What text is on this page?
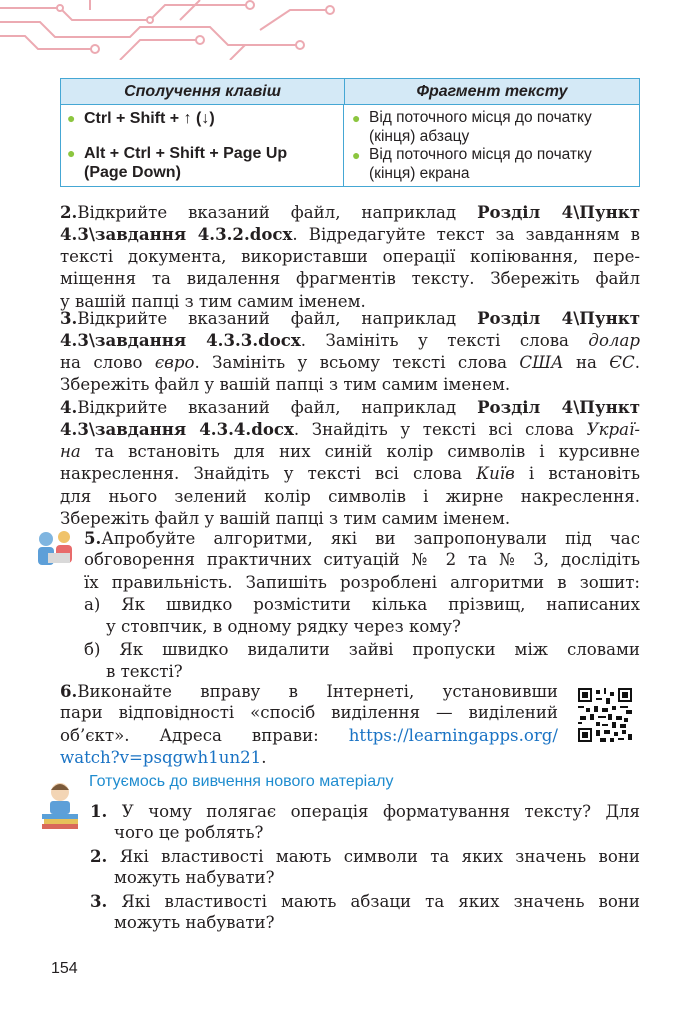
Сполучення клавіш	Фрагмент тексту
● Ctrl + Shift + ↑ (↓)
● Alt + Ctrl + Shift + Page Up
(Page Down)
● Від поточного місця до початку
(кінця) абзацу
● Від поточного місця до початку
(кінця) екрана
2.Відкрийте вказаний файл, наприклад Розділ 4\Пункт
4.3\завдання 4.3.2.docx. Відредагуйте текст за завданням в
тексті документа, використавши операції копіювання, пере-
міщення та видалення фрагментів тексту. Збережіть файл
у вашій папці з тим самим іменем.
3.Відкрийте вказаний файл, наприклад Розділ 4\Пункт
4.3\завдання 4.3.3.docx. Замініть у тексті слова долар
на слово євро. Замініть у всьому тексті слова США на ЄС.
Збережіть файл у вашій папці з тим самим іменем.
4.Відкрийте вказаний файл, наприклад Розділ 4\Пункт
4.3\завдання 4.3.4.docx. Знайдіть у тексті всі слова Украї-
на та встановіть для них синій колір символів і курсивне
накреслення. Знайдіть у тексті всі слова Київ і встановіть
для нього зелений колір символів і жирне накреслення.
Збережіть файл у вашій папці з тим самим іменем.
5.Апробуйте алгоритми, які ви запропонували під час
обговорення практичних ситуацій № 2 та № 3, дослідіть
їх правильність. Запишіть розроблені алгоритми в зошит:
а) Як швидко розмістити кілька прізвищ, написаних
у стовпчик, в одному рядку через кому?
б) Як швидко видалити зайві пропуски між словами
в тексті?
6.Виконайте вправу в Інтернеті, установивши
пари відповідності «спосіб виділення — виділений
об’єкт». Адреса вправи: https://learningapps.org/
watch?v=psqgwh1un21.
Готуємось до вивчення нового матеріалу
1. У чому полягає операція форматування тексту? Для
чого це роблять?
2. Які властивості мають символи та яких значень вони
можуть набувати?
3. Які властивості мають абзаци та яких значень вони
можуть набувати?
154
